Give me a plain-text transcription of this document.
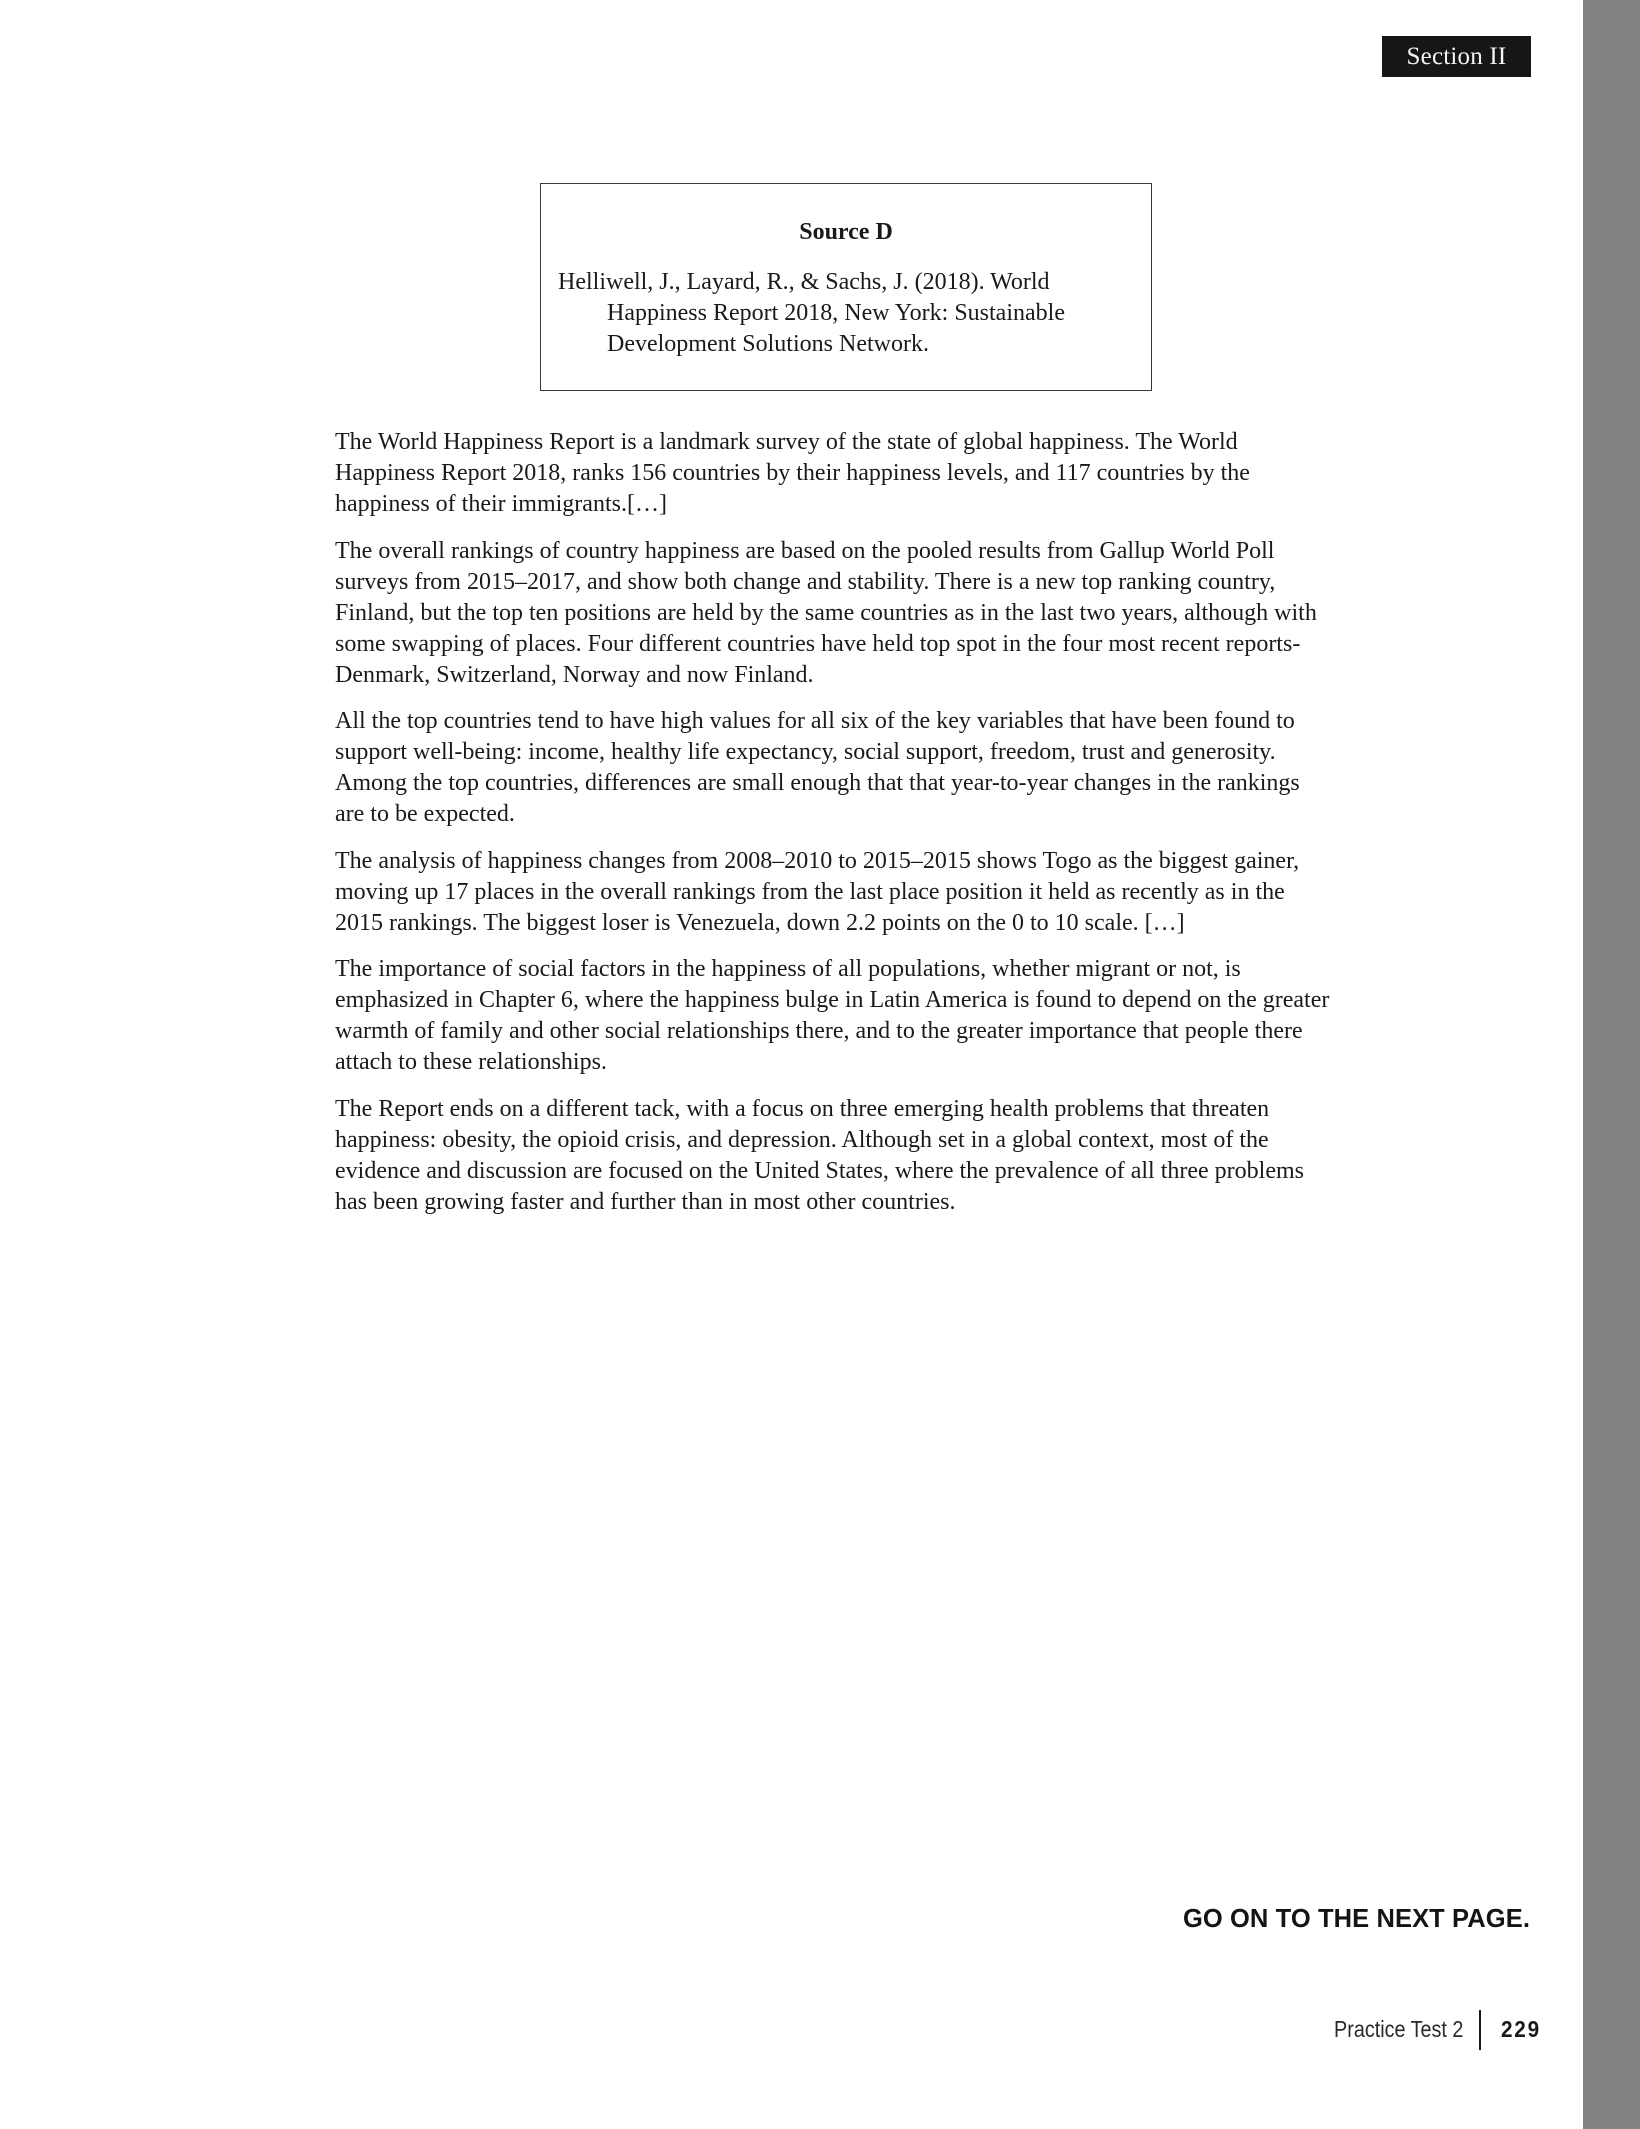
Section II
Source D
Helliwell, J., Layard, R., & Sachs, J. (2018). World
Happiness Report 2018, New York: Sustainable
Development Solutions Network.

The World Happiness Report is a landmark survey of the state of global happiness. The World
Happiness Report 2018, ranks 156 countries by their happiness levels, and 117 countries by the
happiness of their immigrants.[…]

The overall rankings of country happiness are based on the pooled results from Gallup World Poll
surveys from 2015–2017, and show both change and stability. There is a new top ranking country,
Finland, but the top ten positions are held by the same countries as in the last two years, although with
some swapping of places. Four different countries have held top spot in the four most recent reports-
Denmark, Switzerland, Norway and now Finland.

All the top countries tend to have high values for all six of the key variables that have been found to
support well-being: income, healthy life expectancy, social support, freedom, trust and generosity.
Among the top countries, differences are small enough that that year-to-year changes in the rankings
are to be expected.

The analysis of happiness changes from 2008–2010 to 2015–2015 shows Togo as the biggest gainer,
moving up 17 places in the overall rankings from the last place position it held as recently as in the
2015 rankings. The biggest loser is Venezuela, down 2.2 points on the 0 to 10 scale. […]

The importance of social factors in the happiness of all populations, whether migrant or not, is
emphasized in Chapter 6, where the happiness bulge in Latin America is found to depend on the greater
warmth of family and other social relationships there, and to the greater importance that people there
attach to these relationships.

The Report ends on a different tack, with a focus on three emerging health problems that threaten
happiness: obesity, the opioid crisis, and depression. Although set in a global context, most of the
evidence and discussion are focused on the United States, where the prevalence of all three problems
has been growing faster and further than in most other countries.

GO ON TO THE NEXT PAGE.
Practice Test 2 229
